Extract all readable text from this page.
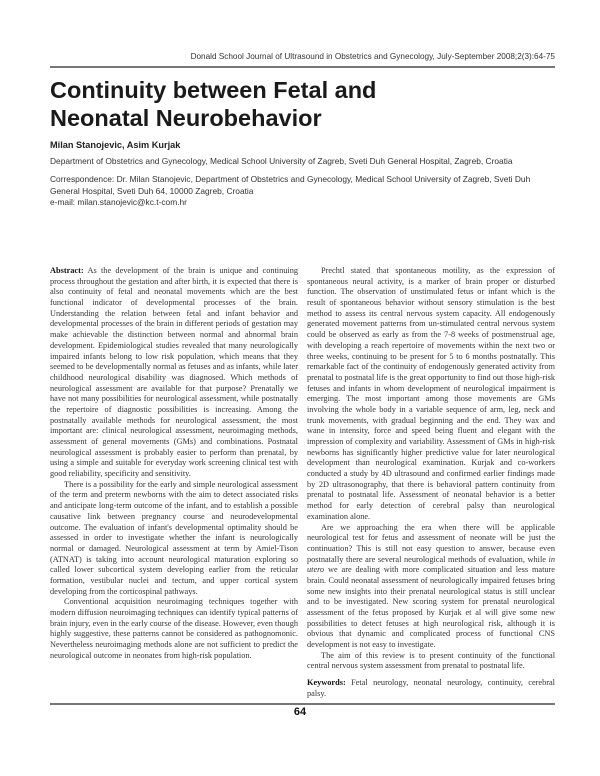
Donald School Journal of Ultrasound in Obstetrics and Gynecology, July-September 2008;2(3):64-75
Continuity between Fetal and
Neonatal Neurobehavior
Milan Stanojevic, Asim Kurjak
Department of Obstetrics and Gynecology, Medical School University of Zagreb, Sveti Duh General Hospital, Zagreb, Croatia
Correspondence: Dr. Milan Stanojevic, Department of Obstetrics and Gynecology, Medical School University of Zagreb, Sveti Duh General Hospital, Sveti Duh 64, 10000 Zagreb, Croatia
e-mail: milan.stanojevic@kc.t-com.hr

Abstract: As the development of the brain is unique and continuing process throughout the gestation and after birth, it is expected that there is also continuity of fetal and neonatal movements which are the best functional indicator of developmental processes of the brain. Understanding the relation between fetal and infant behavior and developmental processes of the brain in different periods of gestation may make achievable the distinction between normal and abnormal brain development. Epidemiological studies revealed that many neurologically impaired infants belong to low risk population, which means that they seemed to be developmentally normal as fetuses and as infants, while later childhood neurological disability was diagnosed. Which methods of neurological assessment are available for that purpose? Prenatally we have not many possibilities for neurological assessment, while postnatally the repertoire of diagnostic possibilities is increasing. Among the postnatally available methods for neurological assessment, the most important are: clinical neurological assessment, neuroimaging methods, assessment of general movements (GMs) and combinations. Postnatal neurological assessment is probably easier to perform than prenatal, by using a simple and suitable for everyday work screening clinical test with good reliability, specificity and sensitivity.

There is a possibility for the early and simple neurological assessment of the term and preterm newborns with the aim to detect associated risks and anticipate long-term outcome of the infant, and to establish a possible causative link between pregnancy course and neurodevelopmental outcome. The evaluation of infant's developmental optimality should be assessed in order to investigate whether the infant is neurologically normal or damaged. Neurological assessment at term by Amiel-Tison (ATNAT) is taking into account neurological maturation exploring so called lower subcortical system developing earlier from the reticular formation, vestibular nuclei and tectum, and upper cortical system developing from the corticospinal pathways.

Conventional acquisition neuroimaging techniques together with modern diffusion neuroimaging techniques can identify typical patterns of brain injury, even in the early course of the disease. However, even though highly suggestive, these patterns cannot be considered as pathognomonic. Nevertheless neuroimaging methods alone are not sufficient to predict the neurological outcome in neonates from high-risk population.

Prechtl stated that spontaneous motility, as the expression of spontaneous neural activity, is a marker of brain proper or disturbed function. The observation of unstimulated fetus or infant which is the result of spontaneous behavior without sensory stimulation is the best method to assess its central nervous system capacity. All endogenously generated movement patterns from un-stimulated central nervous system could be observed as early as from the 7-8 weeks of postmenstrual age, with developing a reach repertoire of movements within the next two or three weeks, continuing to be present for 5 to 6 months postnatally. This remarkable fact of the continuity of endogenously generated activity from prenatal to postnatal life is the great opportunity to find out those high-risk fetuses and infants in whom development of neurological impairment is emerging. The most important among those movements are GMs involving the whole body in a variable sequence of arm, leg, neck and trunk movements, with gradual beginning and the end. They wax and wane in intensity, force and speed being fluent and elegant with the impression of complexity and variability. Assessment of GMs in high-risk newborns has significantly higher predictive value for later neurological development than neurological examination. Kurjak and co-workers conducted a study by 4D ultrasound and confirmed earlier findings made by 2D ultrasonography, that there is behavioral pattern continuity from prenatal to postnatal life. Assessment of neonatal behavior is a better method for early detection of cerebral palsy than neurological examination alone.

Are we approaching the era when there will be applicable neurological test for fetus and assessment of neonate will be just the continuation? This is still not easy question to answer, because even postnatally there are several neurological methods of evaluation, while in utero we are dealing with more complicated situation and less mature brain. Could neonatal assessment of neurologically impaired fetuses bring some new insights into their prenatal neurological status is still unclear and to be investigated. New scoring system for prenatal neurological assessment of the fetus proposed by Kurjak et al will give some new possibilities to detect fetuses at high neurological risk, although it is obvious that dynamic and complicated process of functional CNS development is not easy to investigate.

The aim of this review is to present continuity of the functional central nervous system assessment from prenatal to postnatal life.

Keywords: Fetal neurology, neonatal neurology, continuity, cerebral palsy.

64
